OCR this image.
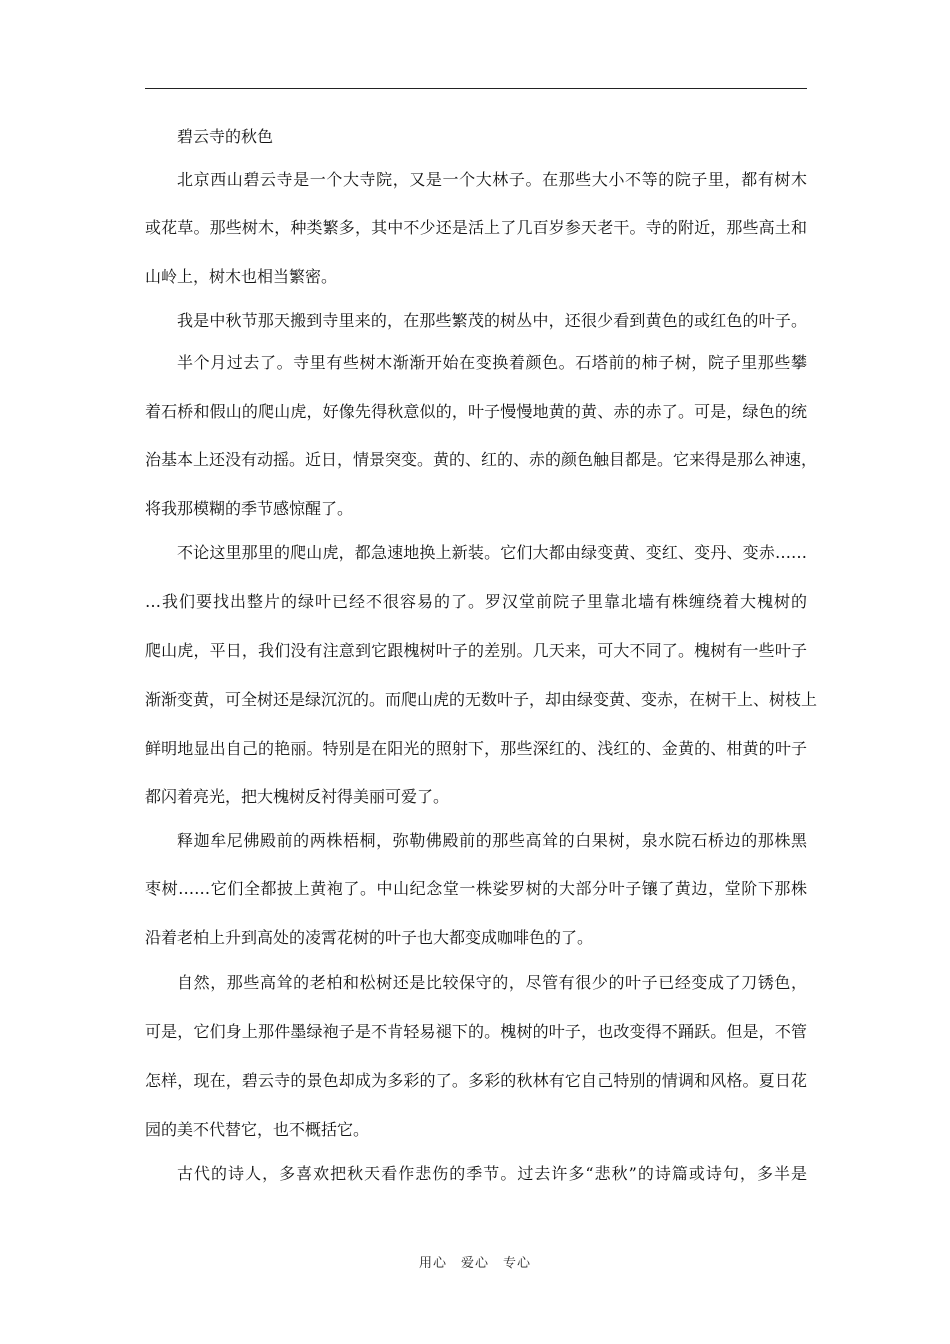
碧云寺的秋色
北京西山碧云寺是一个大寺院，又是一个大林子。在那些大小不等的院子里，都有树木
或花草。那些树木，种类繁多，其中不少还是活上了几百岁参天老干。寺的附近，那些高土和
山岭上，树木也相当繁密。
我是中秋节那天搬到寺里来的，在那些繁茂的树丛中，还很少看到黄色的或红色的叶子。
半个月过去了。寺里有些树木渐渐开始在变换着颜色。石塔前的柿子树，院子里那些攀
着石桥和假山的爬山虎，好像先得秋意似的，叶子慢慢地黄的黄、赤的赤了。可是，绿色的统
治基本上还没有动摇。近日，情景突变。黄的、红的、赤的颜色触目都是。它来得是那么神速，
将我那模糊的季节感惊醒了。
不论这里那里的爬山虎，都急速地换上新装。它们大都由绿变黄、变红、变丹、变赤……
…我们要找出整片的绿叶已经不很容易的了。罗汉堂前院子里靠北墙有株缠绕着大槐树的
爬山虎，平日，我们没有注意到它跟槐树叶子的差别。几天来，可大不同了。槐树有一些叶子
渐渐变黄，可全树还是绿沉沉的。而爬山虎的无数叶子，却由绿变黄、变赤，在树干上、树枝上
鲜明地显出自己的艳丽。特别是在阳光的照射下，那些深红的、浅红的、金黄的、柑黄的叶子
都闪着亮光，把大槐树反衬得美丽可爱了。
释迦牟尼佛殿前的两株梧桐，弥勒佛殿前的那些高耸的白果树，泉水院石桥边的那株黑
枣树……它们全都披上黄袍了。中山纪念堂一株娑罗树的大部分叶子镶了黄边，堂阶下那株
沿着老柏上升到高处的凌霄花树的叶子也大都变成咖啡色的了。
自然，那些高耸的老柏和松树还是比较保守的，尽管有很少的叶子已经变成了刀锈色，
可是，它们身上那件墨绿袍子是不肯轻易褪下的。槐树的叶子，也改变得不踊跃。但是，不管
怎样，现在，碧云寺的景色却成为多彩的了。多彩的秋林有它自己特别的情调和风格。夏日花
园的美不代替它，也不概括它。
古代的诗人，多喜欢把秋天看作悲伤的季节。过去许多“悲秋”的诗篇或诗句，多半是
用心　爱心　专心
